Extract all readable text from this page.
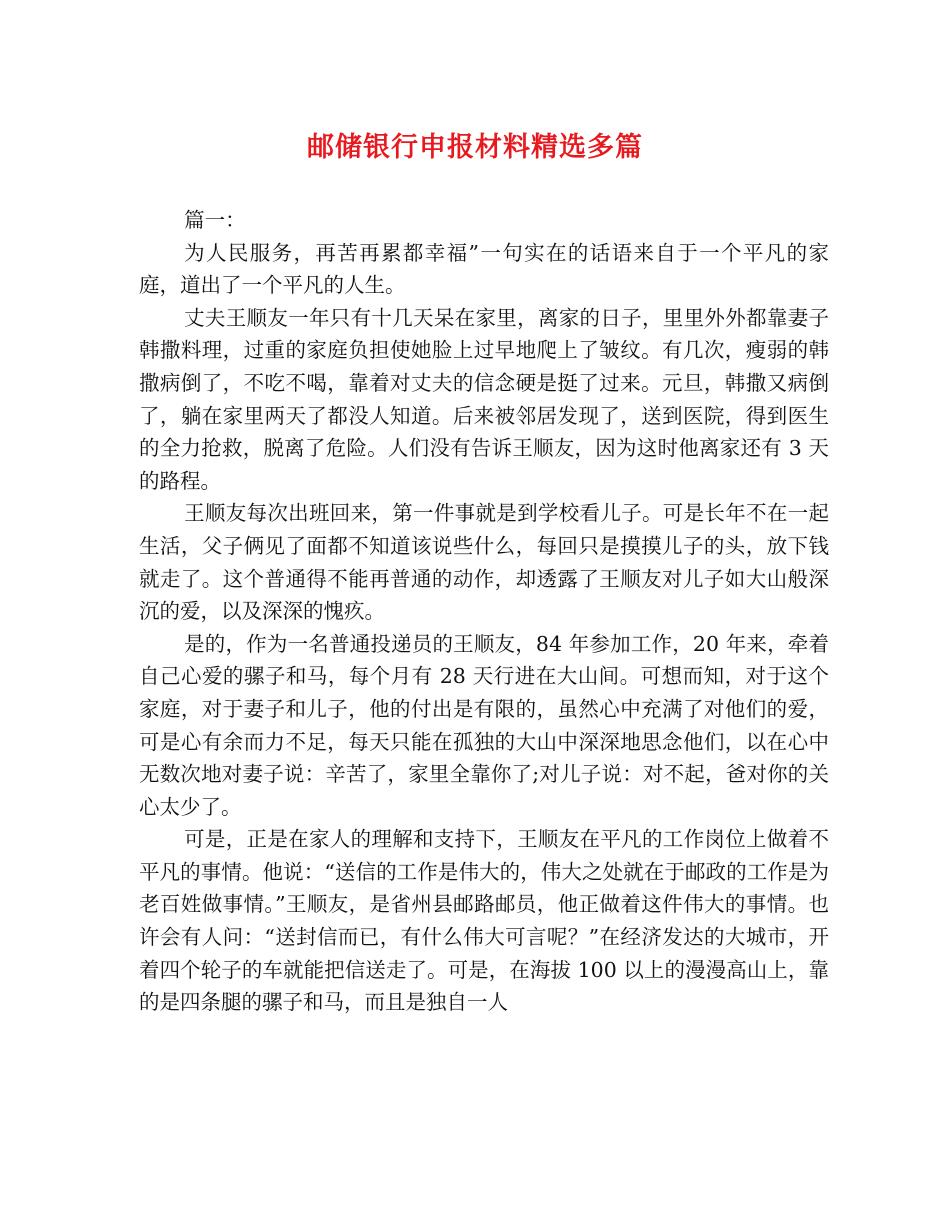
邮储银行申报材料精选多篇

篇一：

为人民服务，再苦再累都幸福”一句实在的话语来自于一个平凡的家庭，道出了一个平凡的人生。

丈夫王顺友一年只有十几天呆在家里，离家的日子，里里外外都靠妻子韩撒料理，过重的家庭负担使她脸上过早地爬上了皱纹。有几次，瘦弱的韩撒病倒了，不吃不喝，靠着对丈夫的信念硬是挺了过来。元旦，韩撒又病倒了，躺在家里两天了都没人知道。后来被邻居发现了，送到医院，得到医生的全力抢救，脱离了危险。人们没有告诉王顺友，因为这时他离家还有 3 天的路程。

王顺友每次出班回来，第一件事就是到学校看儿子。可是长年不在一起生活，父子俩见了面都不知道该说些什么，每回只是摸摸儿子的头，放下钱就走了。这个普通得不能再普通的动作，却透露了王顺友对儿子如大山般深沉的爱，以及深深的愧疚。

是的，作为一名普通投递员的王顺友，84 年参加工作，20 年来，牵着自己心爱的骡子和马，每个月有 28 天行进在大山间。可想而知，对于这个家庭，对于妻子和儿子，他的付出是有限的，虽然心中充满了对他们的爱，可是心有余而力不足，每天只能在孤独的大山中深深地思念他们，以在心中无数次地对妻子说：辛苦了，家里全靠你了;对儿子说：对不起，爸对你的关心太少了。

可是，正是在家人的理解和支持下，王顺友在平凡的工作岗位上做着不平凡的事情。他说：“送信的工作是伟大的，伟大之处就在于邮政的工作是为老百姓做事情。”王顺友，是省州县邮路邮员，他正做着这件伟大的事情。也许会有人问：“送封信而已，有什么伟大可言呢？”在经济发达的大城市，开着四个轮子的车就能把信送走了。可是，在海拔 100 以上的漫漫高山上，靠的是四条腿的骡子和马，而且是独自一人
